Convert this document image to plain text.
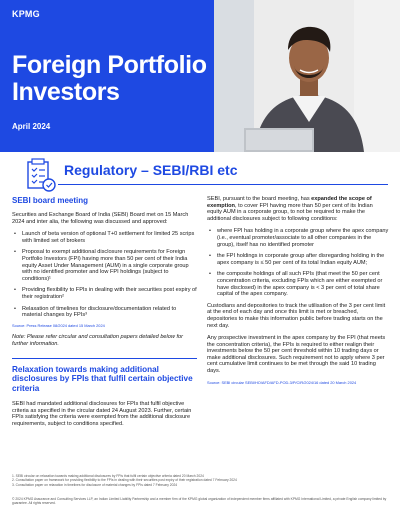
KPMG
Foreign Portfolio
Investors
April 2024
Regulatory – SEBI/RBI etc
SEBI board meeting

Securities and Exchange Board of India (SEBI) Board met on 15 March 2024 and inter alia, the following was discussed and approved:

• Launch of beta version of optional T+0 settlement for limited 25 scrips with limited set of brokers
• Proposal to exempt additional disclosure requirements for Foreign Portfolio Investors (FPI) having more than 50 per cent of their India equity Asset Under Management (AUM) in a single corporate group with no identified promoter and low FPI holdings (subject to conditions)¹
• Providing flexibility to FPIs in dealing with their securities post expiry of their registration²
• Relaxation of timelines for disclosure/documentation related to material changes by FPIs³
Source: Press Release 08/2024 dated 15 March 2024

Note: Please refer circular and consultation papers detailed below for further information.

Relaxation towards making additional disclosures by FPIs that fulfil certain objective criteria

SEBI had mandated additional disclosures for FPIs that fulfil objective criteria as specified in the circular dated 24 August 2023. Further, certain FPIs satisfying the criteria were exempted from the additional disclosure requirements, subject to conditions specified.

SEBI, pursuant to the board meeting, has expanded the scope of exemption, to cover FPI having more than 50 per cent of its Indian equity AUM in a corporate group, to not be required to make the additional disclosures subject to following conditions:

• where FPI has holding in a corporate group where the apex company (i.e., eventual promoter/associate to all other companies in the group), itself has no identified promoter
• the FPI holdings in corporate group after disregarding holding in the apex company is ≤ 50 per cent of its total Indian equity AUM;
• the composite holdings of all such FPIs (that meet the 50 per cent concentration criteria, excluding FPIs which are either exempted or have disclosed) in the apex company is < 3 per cent of total share capital of the apex company.

Custodians and depositories to track the utilisation of the 3 per cent limit at the end of each day and once this limit is met or breached, depositories to make this information public before trading starts on the next day.

Any prospective investment in the apex company by the FPI (that meets the concentration criteria), the FPIs is required to either realign their investments below the 50 per cent threshold within 10 trading days or make additional disclosures. Such requirement not to apply where 3 per cent cumulative limit continues to be met through the said 10 trading days.

Source: SEBI circular SEBI/HO/AFD/AFD-POD-3/P/CIR/2024/16 dated 20 March 2024
1. SEBI circular on relaxation towards making additional disclosures by FPIs that fulfil certain objective criteria dated 20 March 2024
2. Consultation paper on framework for providing flexibility to the FPIs in dealing with their securities post expiry of their registration dated 7 February 2024
3. Consultation paper on relaxation in timelines for disclosure of material changes by FPIs dated 7 February 2024
© 2024 KPMG Assurance and Consulting Services LLP, an Indian Limited Liability Partnership and a member firm of the KPMG global organization of independent member firms affiliated with KPMG International Limited, a private English company limited by guarantee. All rights reserved.
